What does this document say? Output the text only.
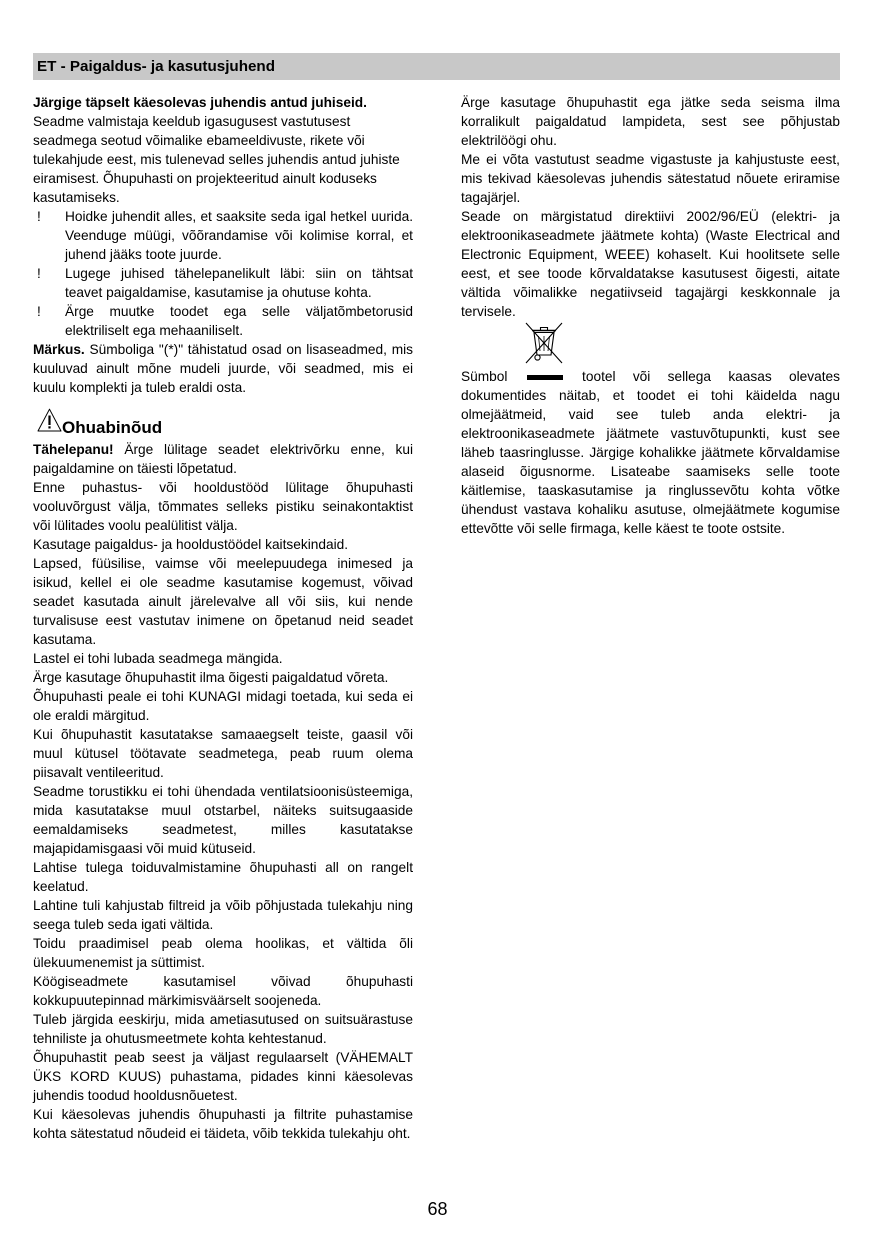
ET - Paigaldus- ja kasutusjuhend

Järgige täpselt käesolevas juhendis antud juhiseid.

Seadme valmistaja keeldub igasugusest vastutusest seadmega seotud võimalike ebameeldivuste, rikete või tulekahjude eest, mis tulenevad selles juhendis antud juhiste eiramisest. Õhupuhasti on projekteeritud ainult koduseks kasutamiseks.

! Hoidke juhendit alles, et saaksite seda igal hetkel uurida. Veenduge müügi, võõrandamise või kolimise korral, et juhend jääks toote juurde.
! Lugege juhised tähelepanelikult läbi: siin on tähtsat teavet paigaldamise, kasutamise ja ohutuse kohta.
! Ärge muutke toodet ega selle väljatõmbetorusid elektriliselt ega mehaaniliselt.

Märkus. Sümboliga "(*)" tähistatud osad on lisaseadmed, mis kuuluvad ainult mõne mudeli juurde, või seadmed, mis ei kuulu komplekti ja tuleb eraldi osta.

Ohuabinõud

Tähelepanu! Ärge lülitage seadet elektrivõrku enne, kui paigaldamine on täiesti lõpetatud.

Enne puhastus- või hooldustööd lülitage õhupuhasti vooluvõrgust välja, tõmmates selleks pistiku seinakontaktist või lülitades voolu pealülitist välja.

Kasutage paigaldus- ja hooldustöödel kaitsekindaid.

Lapsed, füüsilise, vaimse või meelepuudega inimesed ja isikud, kellel ei ole seadme kasutamise kogemust, võivad seadet kasutada ainult järelevalve all või siis, kui nende turvalisuse eest vastutav inimene on õpetanud neid seadet kasutama.

Lastel ei tohi lubada seadmega mängida.

Ärge kasutage õhupuhastit ilma õigesti paigaldatud võreta.

Õhupuhasti peale ei tohi KUNAGI midagi toetada, kui seda ei ole eraldi märgitud.

Kui õhupuhastit kasutatakse samaaegselt teiste, gaasil või muul kütusel töötavate seadmetega, peab ruum olema piisavalt ventileeritud.

Seadme torustikku ei tohi ühendada ventilatsioonisüsteemiga, mida kasutatakse muul otstarbel, näiteks suitsugaaside eemaldamiseks seadmetest, milles kasutatakse majapidamisgaasi või muid kütuseid.

Lahtise tulega toiduvalmistamine õhupuhasti all on rangelt keelatud.

Lahtine tuli kahjustab filtreid ja võib põhjustada tulekahju ning seega tuleb seda igati vältida.

Toidu praadimisel peab olema hoolikas, et vältida õli ülekuumenemist ja süttimist.

Köögiseadmete kasutamisel võivad õhupuhasti kokkupuutepinnad märkimisväärselt soojeneda.

Tuleb järgida eeskirju, mida ametiasutused on suitsuärastuse tehniliste ja ohutusmeetmete kohta kehtestanud.

Õhupuhastit peab seest ja väljast regulaarselt (VÄHEMALT ÜKS KORD KUUS) puhastama, pidades kinni käesolevas juhendis toodud hooldusnõuetest.

Kui käesolevas juhendis õhupuhasti ja filtrite puhastamise kohta sätestatud nõudeid ei täideta, võib tekkida tulekahju oht.

Ärge kasutage õhupuhastit ega jätke seda seisma ilma korralikult paigaldatud lampideta, sest see põhjustab elektrilöögi ohu.

Me ei võta vastutust seadme vigastuste ja kahjustuste eest, mis tekivad käesolevas juhendis sätestatud nõuete eriramise tagajärjel.

Seade on märgistatud direktiivi 2002/96/EÜ (elektri- ja elektroonikaseadmete jäätmete kohta) (Waste Electrical and Electronic Equipment, WEEE) kohaselt. Kui hoolitsete selle eest, et see toode kõrvaldatakse kasutusest õigesti, aitate vältida võimalikke negatiivseid tagajärgi keskkonnale ja tervisele.

Sümbol	tootel või sellega kaasas olevates dokumentides näitab, et toodet ei tohi käidelda nagu olmejäätmeid, vaid see tuleb anda elektri- ja elektroonikaseadmete jäätmete vastuvõtupunkti, kust see läheb taasringlusse. Järgige kohalikke jäätmete kõrvaldamise alaseid õigusnorme. Lisateabe saamiseks selle toote käitlemise, taaskasutamise ja ringlussevõtu kohta võtke ühendust vastava kohaliku asutuse, olmejäätmete kogumise ettevõtte või selle firmaga, kelle käest te toote ostsite.

68
